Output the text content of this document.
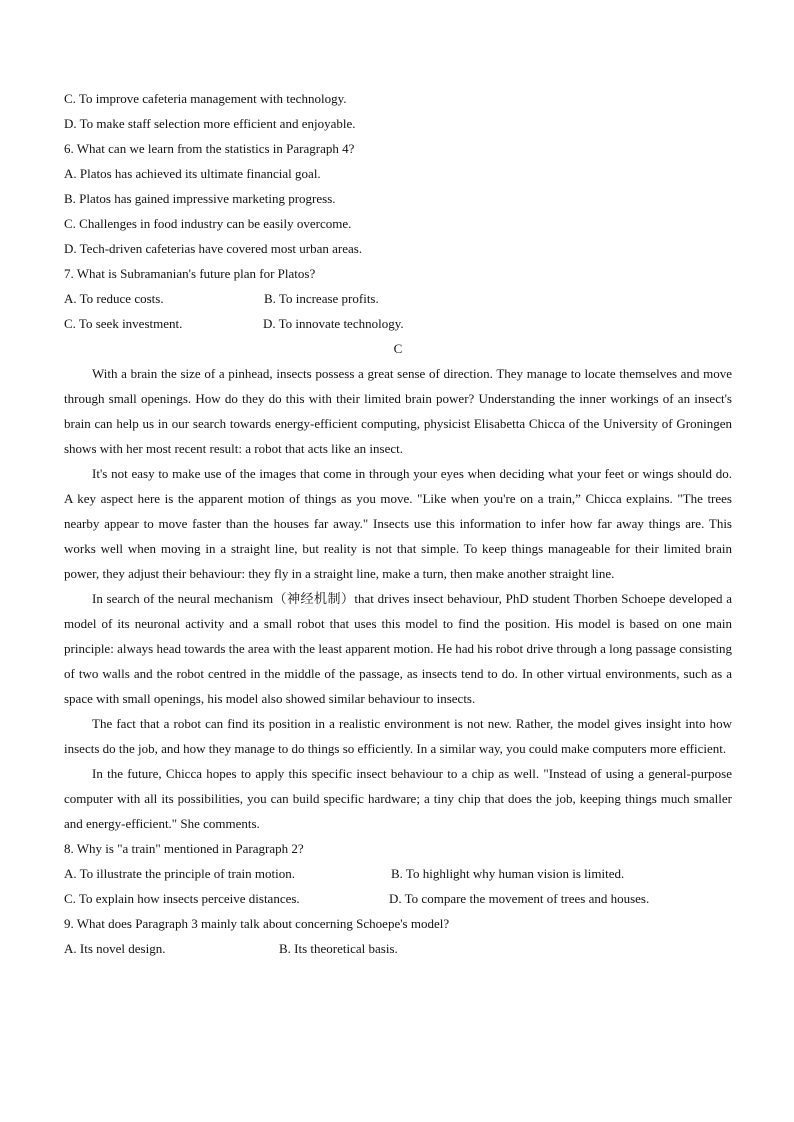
C. To improve cafeteria management with technology.
D. To make staff selection more efficient and enjoyable.
6. What can we learn from the statistics in Paragraph 4?
A. Platos has achieved its ultimate financial goal.
B. Platos has gained impressive marketing progress.
C. Challenges in food industry can be easily overcome.
D. Tech-driven cafeterias have covered most urban areas.
7. What is Subramanian's future plan for Platos?
A. To reduce costs.	B. To increase profits.
C. To seek investment.	D. To innovate technology.
C

With a brain the size of a pinhead, insects possess a great sense of direction. They manage to locate themselves and move through small openings. How do they do this with their limited brain power? Understanding the inner workings of an insect's brain can help us in our search towards energy-efficient computing, physicist Elisabetta Chicca of the University of Groningen shows with her most recent result: a robot that acts like an insect.

It's not easy to make use of the images that come in through your eyes when deciding what your feet or wings should do. A key aspect here is the apparent motion of things as you move. "Like when you're on a train,” Chicca explains. "The trees nearby appear to move faster than the houses far away." Insects use this information to infer how far away things are. This works well when moving in a straight line, but reality is not that simple. To keep things manageable for their limited brain power, they adjust their behaviour: they fly in a straight line, make a turn, then make another straight line.

In search of the neural mechanism（神经机制）that drives insect behaviour, PhD student Thorben Schoepe developed a model of its neuronal activity and a small robot that uses this model to find the position. His model is based on one main principle: always head towards the area with the least apparent motion. He had his robot drive through a long passage consisting of two walls and the robot centred in the middle of the passage, as insects tend to do. In other virtual environments, such as a space with small openings, his model also showed similar behaviour to insects.

The fact that a robot can find its position in a realistic environment is not new. Rather, the model gives insight into how insects do the job, and how they manage to do things so efficiently. In a similar way, you could make computers more efficient.

In the future, Chicca hopes to apply this specific insect behaviour to a chip as well. "Instead of using a general-purpose computer with all its possibilities, you can build specific hardware; a tiny chip that does the job, keeping things much smaller and energy-efficient." She comments.

8. Why is "a train" mentioned in Paragraph 2?
A. To illustrate the principle of train motion.	B. To highlight why human vision is limited.
C. To explain how insects perceive distances.	D. To compare the movement of trees and houses.
9. What does Paragraph 3 mainly talk about concerning Schoepe's model?
A. Its novel design.	B. Its theoretical basis.
